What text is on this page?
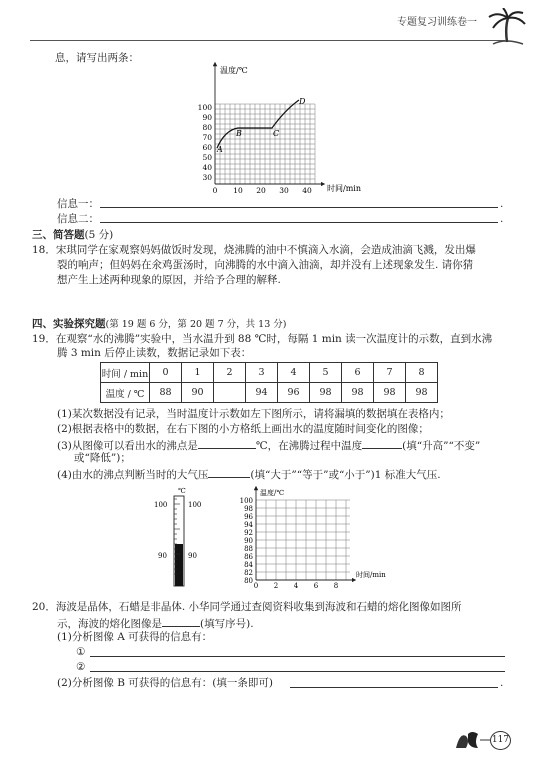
专题复习训练卷一
息，请写出两条：
A
B	C
D
温度/℃
时间/min
100
90
80
70
60
50
40
30
0 10 20 30 40
信息一：	.
信息二：	.
三、简答题(5 分)
18．宋琪同学在家观察妈妈做饭时发现，烧沸腾的油中不慎滴入水滴，会造成油滴飞溅，发出爆
裂的响声；但妈妈在氽鸡蛋汤时，向沸腾的水中滴入油滴，却并没有上述现象发生. 请你猜
想产生上述两种现象的原因，并给予合理的解释.
四、实验探究题(第 19 题 6 分，第 20 题 7 分，共 13 分)
19．在观察“水的沸腾”实验中，当水温升到 88 ℃时，每隔 1 min 读一次温度计的示数，直到水沸
腾 3 min 后停止读数，数据记录如下表：
时间 / min	0	1	2	3	4	5	6	7	8
温度 / ℃	88	90		94	96	98	98	98	98
(1)某次数据没有记录，当时温度计示数如左下图所示，请将漏填的数据填在表格内；
(2)根据表格中的数据，在右下图的小方格纸上画出水的温度随时间变化的图像；
(3)从图像可以看出水的沸点是	℃，在沸腾过程中温度	(填“升高”“不变”
或“降低”)；
(4)由水的沸点判断当时的大气压	(填“大于”“等于”或“小于”)1 标准大气压.
℃
100	100
90	90
温度/℃
时间/min
100
98
96
94
92
90
88
86
84
82
80
0 2 4 6 8
20．海波是晶体，石蜡是非晶体. 小华同学通过查阅资料收集到海波和石蜡的熔化图像如图所
示，海波的熔化图像是	(填写序号).
(1)分析图像 A 可获得的信息有：
①
②
(2)分析图像 B 可获得的信息有：(填一条即可)	.
117
